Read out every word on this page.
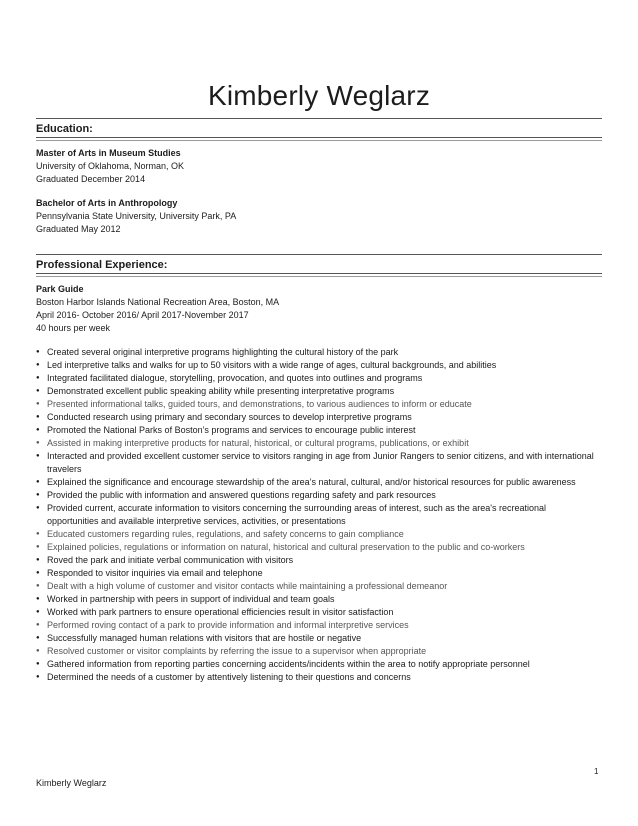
Kimberly Weglarz
Education:
Master of Arts in Museum Studies
University of Oklahoma, Norman, OK
Graduated December 2014
Bachelor of Arts in Anthropology
Pennsylvania State University, University Park, PA
Graduated May 2012
Professional Experience:
Park Guide
Boston Harbor Islands National Recreation Area, Boston, MA
April 2016- October 2016/ April 2017-November 2017
40 hours per week
● Created several original interpretive programs highlighting the cultural history of the park
● Led interpretive talks and walks for up to 50 visitors with a wide range of ages, cultural backgrounds, and abilities
● Integrated facilitated dialogue, storytelling, provocation, and quotes into outlines and programs
● Demonstrated excellent public speaking ability while presenting interpretative programs
● Presented informational talks, guided tours, and demonstrations, to various audiences to inform or educate
● Conducted research using primary and secondary sources to develop interpretive programs
● Promoted the National Parks of Boston’s programs and services to encourage public interest
● Assisted in making interpretive products for natural, historical, or cultural programs, publications, or exhibit
● Interacted and provided excellent customer service to visitors ranging in age from Junior Rangers to senior citizens, and with international travelers
● Explained the significance and encourage stewardship of the area’s natural, cultural, and/or historical resources for public awareness
● Provided the public with information and answered questions regarding safety and park resources
● Provided current, accurate information to visitors concerning the surrounding areas of interest, such as the area's recreational opportunities and available interpretive services, activities, or presentations
● Educated customers regarding rules, regulations, and safety concerns to gain compliance
● Explained policies, regulations or information on natural, historical and cultural preservation to the public and co-workers
● Roved the park and initiate verbal communication with visitors
● Responded to visitor inquiries via email and telephone
● Dealt with a high volume of customer and visitor contacts while maintaining a professional demeanor
● Worked in partnership with peers in support of individual and team goals
● Worked with park partners to ensure operational efficiencies result in visitor satisfaction
● Performed roving contact of a park to provide information and informal interpretive services
● Successfully managed human relations with visitors that are hostile or negative
● Resolved customer or visitor complaints by referring the issue to a supervisor when appropriate
● Gathered information from reporting parties concerning accidents/incidents within the area to notify appropriate personnel
● Determined the needs of a customer by attentively listening to their questions and concerns
1
Kimberly Weglarz
